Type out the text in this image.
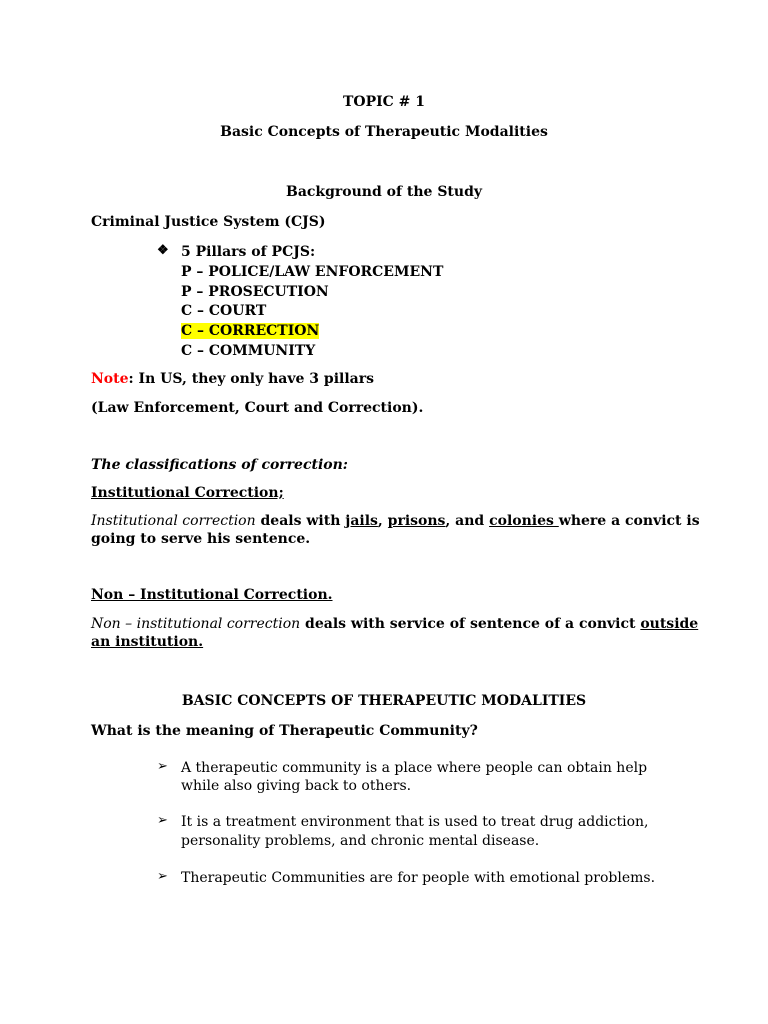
TOPIC # 1
Basic Concepts of Therapeutic Modalities
Background of the Study
Criminal Justice System (CJS)
❖ 5 Pillars of PCJS:
P – POLICE/LAW ENFORCEMENT
P – PROSECUTION
C – COURT
C – CORRECTION
C – COMMUNITY
Note: In US, they only have 3 pillars
(Law Enforcement, Court and Correction).
The classifications of correction:
Institutional Correction;
Institutional correction deals with jails, prisons, and colonies where a convict is
going to serve his sentence.
Non – Institutional Correction.
Non – institutional correction deals with service of sentence of a convict outside
an institution.
BASIC CONCEPTS OF THERAPEUTIC MODALITIES
What is the meaning of Therapeutic Community?
➢ A therapeutic community is a place where people can obtain help
while also giving back to others.
➢ It is a treatment environment that is used to treat drug addiction,
personality problems, and chronic mental disease.
➢ Therapeutic Communities are for people with emotional problems.
